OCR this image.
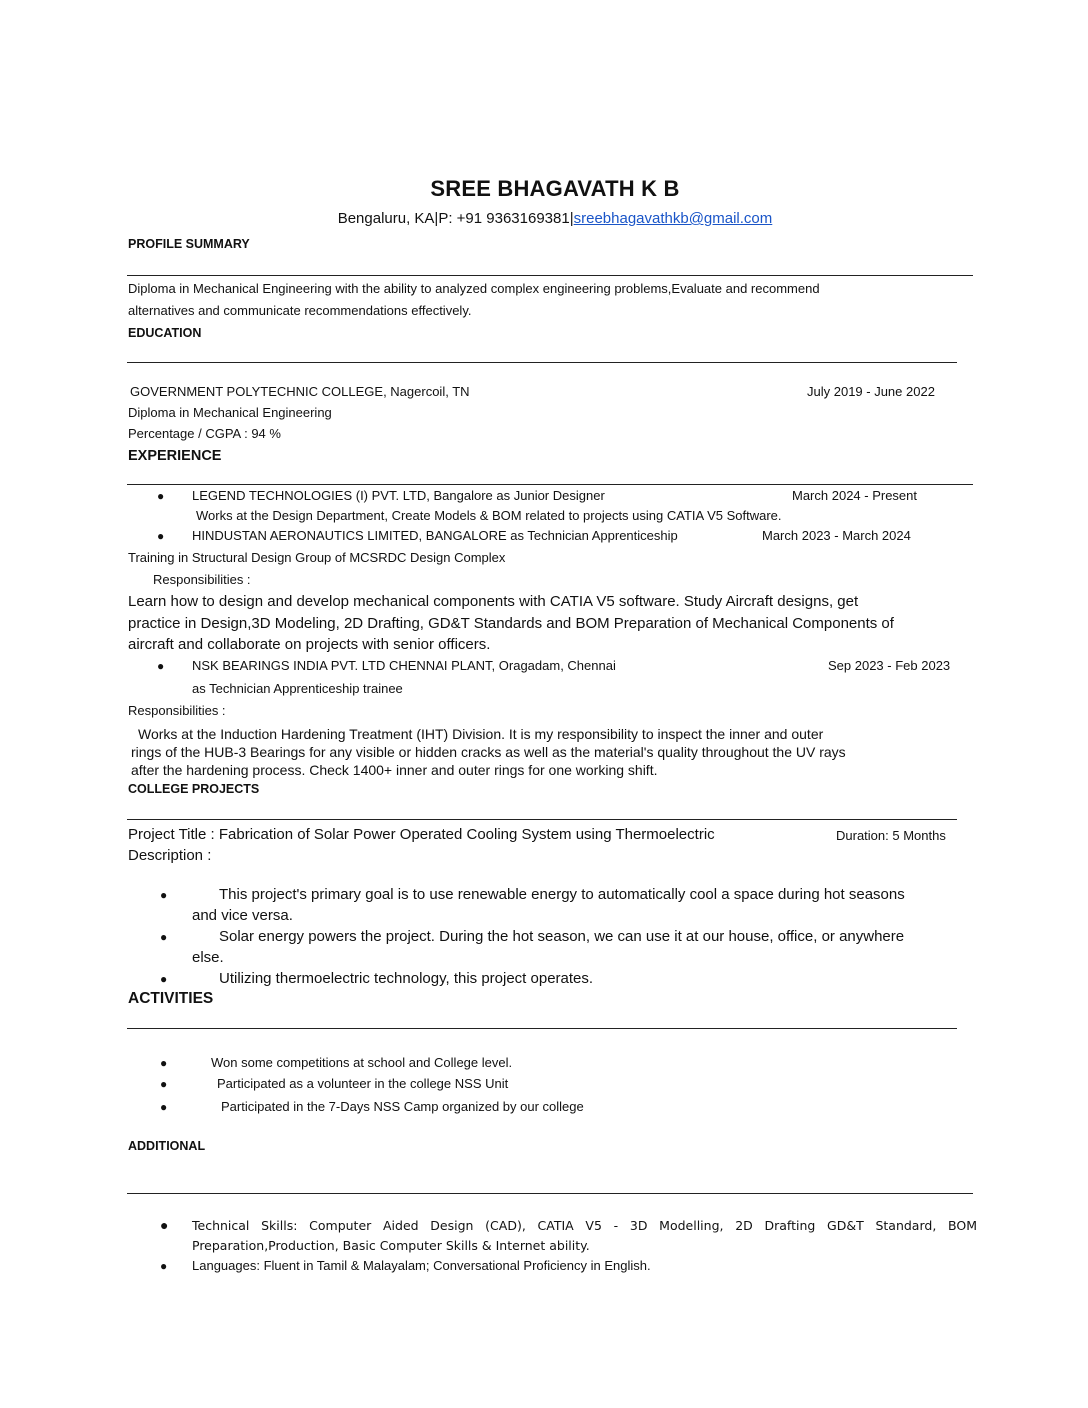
SREE BHAGAVATH K B
Bengaluru, KA|P: +91 9363169381|sreebhagavathkb@gmail.com
PROFILE SUMMARY
Diploma in Mechanical Engineering with the ability to analyzed complex engineering problems,Evaluate and recommend
alternatives and communicate recommendations effectively.
EDUCATION
GOVERNMENT POLYTECHNIC COLLEGE, Nagercoil, TN	July 2019 - June 2022
Diploma in Mechanical Engineering
Percentage / CGPA : 94 %
EXPERIENCE
● LEGEND TECHNOLOGIES (I) PVT. LTD, Bangalore as Junior Designer	March 2024 - Present
Works at the Design Department, Create Models & BOM related to projects using CATIA V5 Software.
● HINDUSTAN AERONAUTICS LIMITED, BANGALORE as Technician Apprenticeship	March 2023 - March 2024
Training in Structural Design Group of MCSRDC Design Complex
Responsibilities :
Learn how to design and develop mechanical components with CATIA V5 software. Study Aircraft designs, get
practice in Design,3D Modeling, 2D Drafting, GD&T Standards and BOM Preparation of Mechanical Components of
aircraft and collaborate on projects with senior officers.
● NSK BEARINGS INDIA PVT. LTD CHENNAI PLANT, Oragadam, Chennai	Sep 2023 - Feb 2023
as Technician Apprenticeship trainee
Responsibilities :
Works at the Induction Hardening Treatment (IHT) Division. It is my responsibility to inspect the inner and outer
rings of the HUB-3 Bearings for any visible or hidden cracks as well as the material's quality throughout the UV rays
after the hardening process. Check 1400+ inner and outer rings for one working shift.
COLLEGE PROJECTS
Project Title : Fabrication of Solar Power Operated Cooling System using Thermoelectric	Duration: 5 Months
Description :
●	This project's primary goal is to use renewable energy to automatically cool a space during hot seasons
and vice versa.
●	Solar energy powers the project. During the hot season, we can use it at our house, office, or anywhere
else.
●	Utilizing thermoelectric technology, this project operates.
ACTIVITIES
●	Won some competitions at school and College level.
●	Participated as a volunteer in the college NSS Unit
●	Participated in the 7-Days NSS Camp organized by our college
ADDITIONAL
● Technical Skills: Computer Aided Design (CAD), CATIA V5 - 3D Modelling, 2D Drafting GD&T Standard, BOM
Preparation,Production, Basic Computer Skills & Internet ability.
● Languages: Fluent in Tamil & Malayalam; Conversational Proficiency in English.
